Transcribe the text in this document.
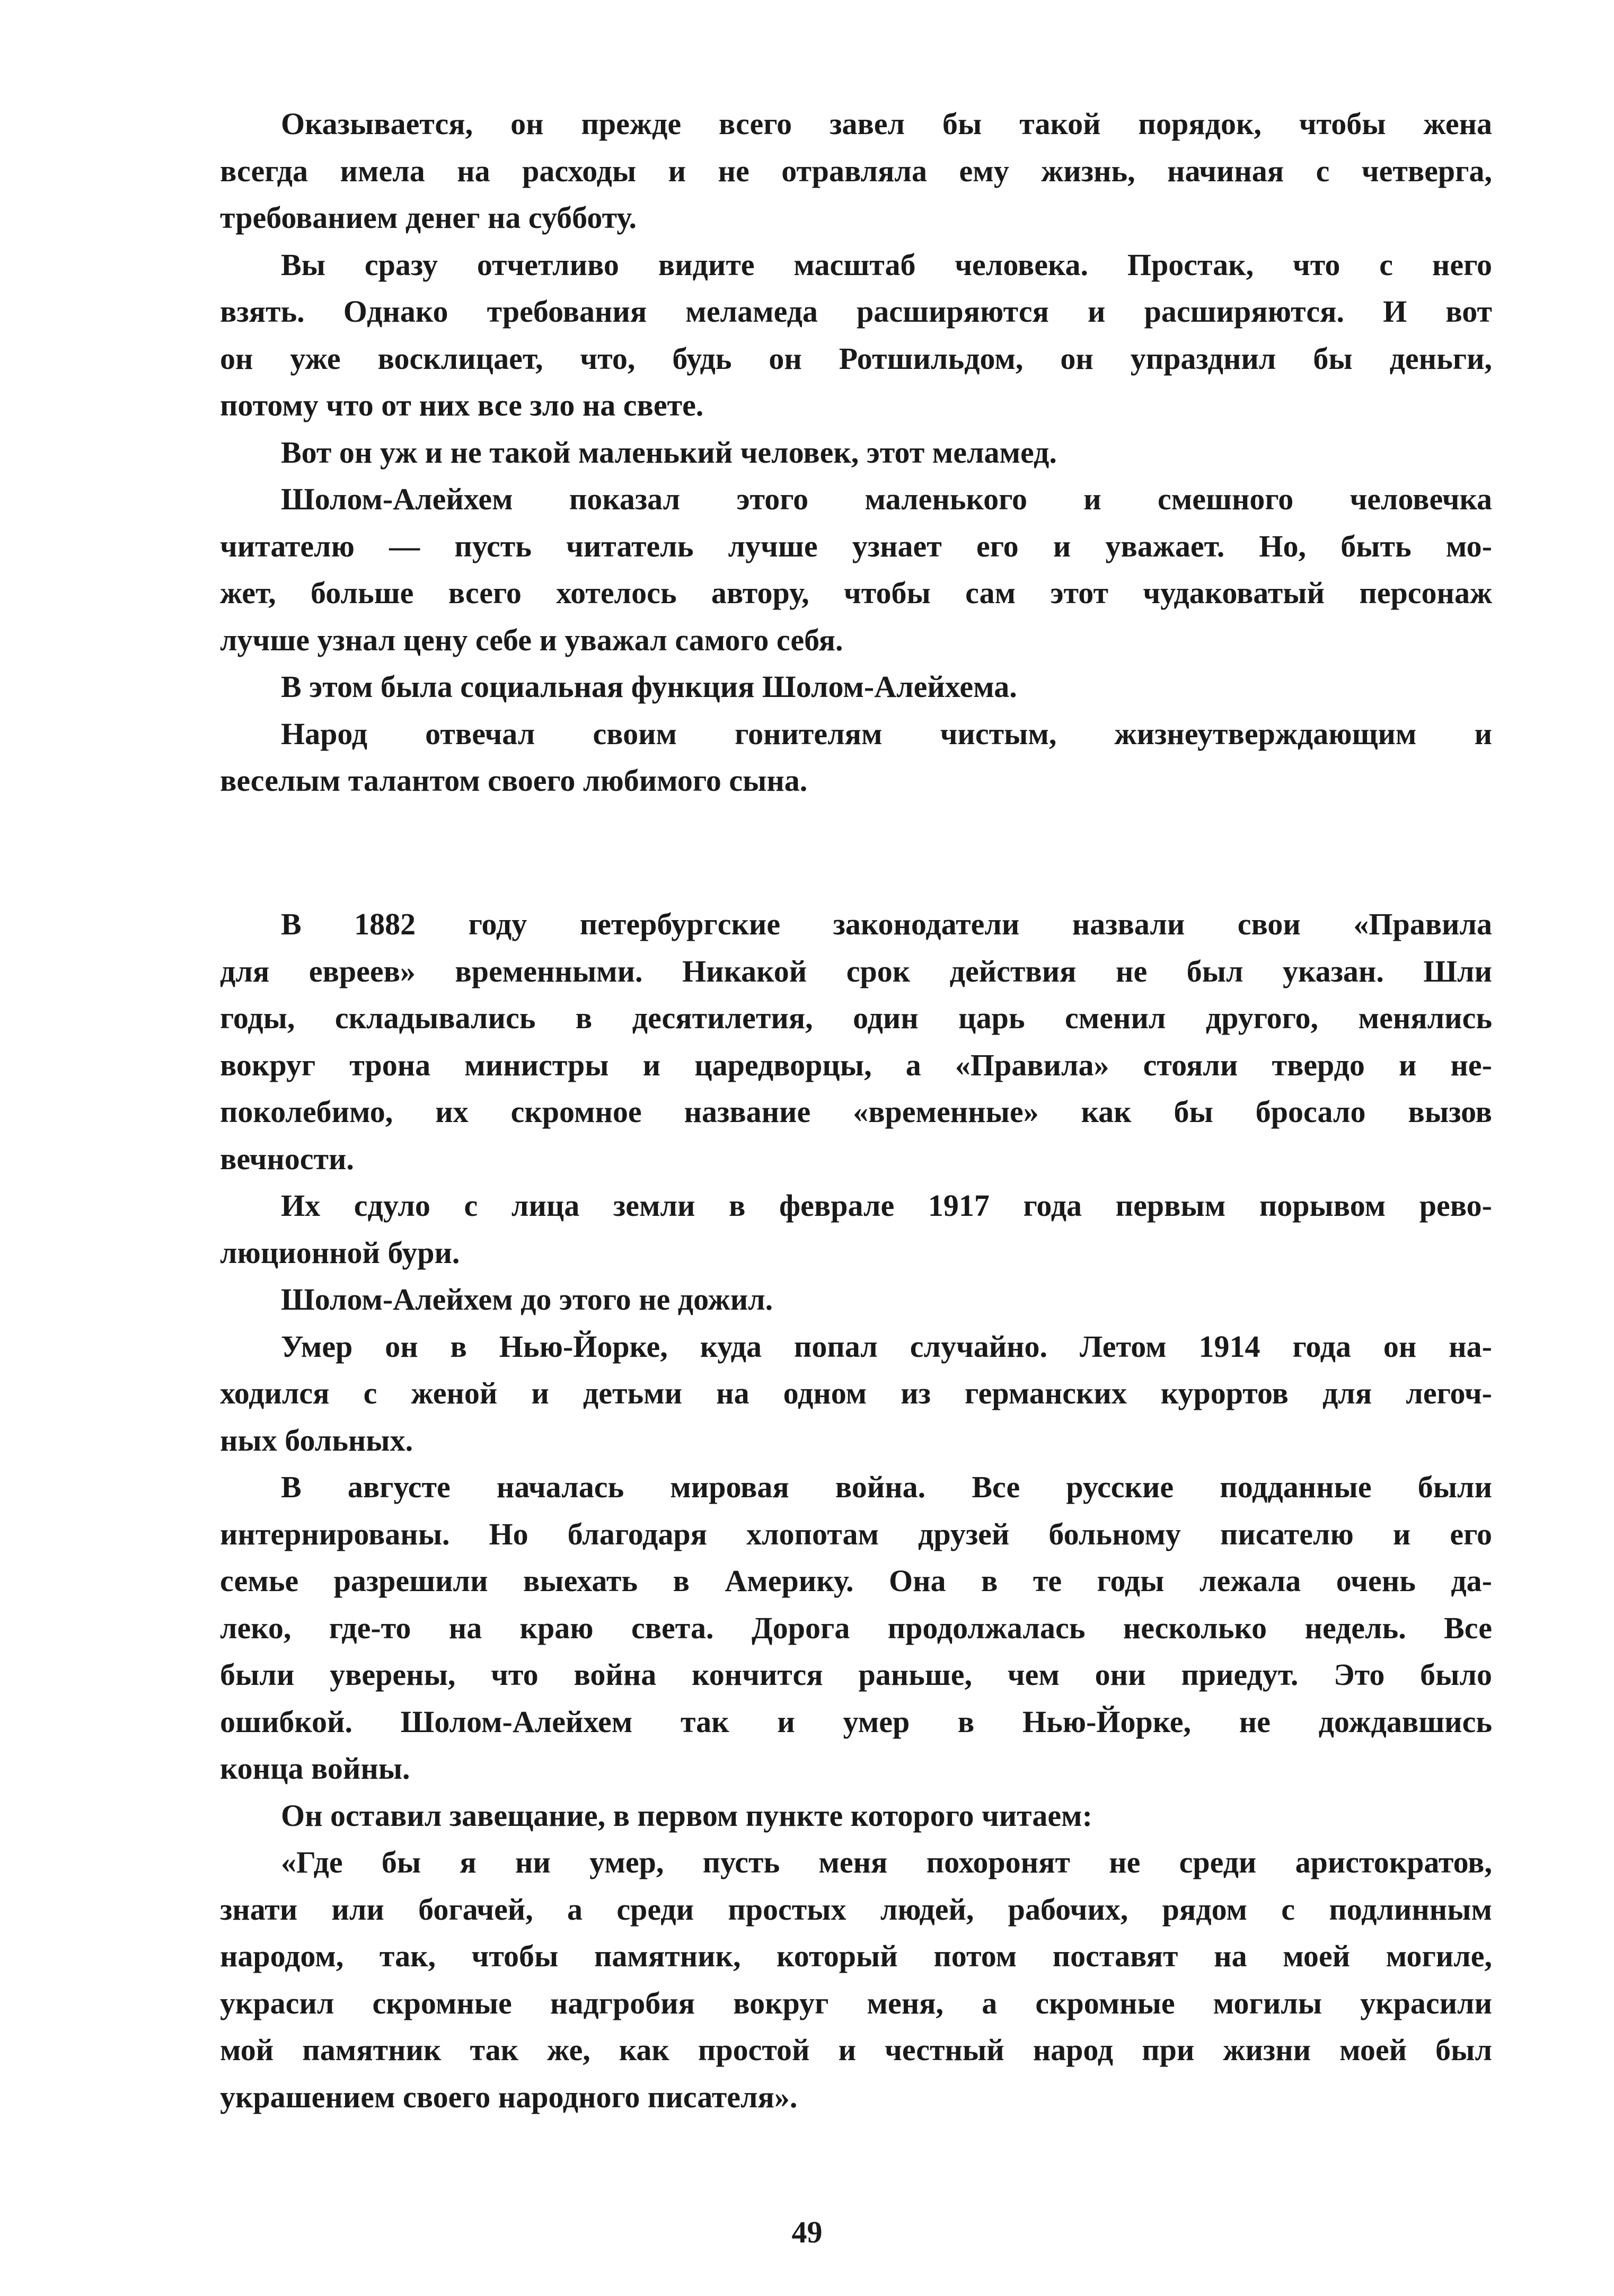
Оказывается, он прежде всего завел бы такой порядок, чтобы жена
всегда имела на расходы и не отравляла ему жизнь, начиная с четверга,
требованием денег на субботу.
Вы сразу отчетливо видите масштаб человека. Простак, что с него
взять. Однако требования меламеда расширяются и расширяются. И вот
он уже восклицает, что, будь он Ротшильдом, он упразднил бы деньги,
потому что от них все зло на свете.
Вот он уж и не такой маленький человек, этот меламед.
Шолом-Алейхем показал этого маленького и смешного человечка
читателю — пусть читатель лучше узнает его и уважает. Но, быть мо-
жет, больше всего хотелось автору, чтобы сам этот чудаковатый персонаж
лучше узнал цену себе и уважал самого себя.
В этом была социальная функция Шолом-Алейхема.
Народ отвечал своим гонителям чистым, жизнеутверждающим и
веселым талантом своего любимого сына.
В 1882 году петербургские законодатели назвали свои «Правила
для евреев» временными. Никакой срок действия не был указан. Шли
годы, складывались в десятилетия, один царь сменил другого, менялись
вокруг трона министры и царедворцы, а «Правила» стояли твердо и не-
поколебимо, их скромное название «временные» как бы бросало вызов
вечности.
Их сдуло с лица земли в феврале 1917 года первым порывом рево-
люционной бури.
Шолом-Алейхем до этого не дожил.
Умер он в Нью-Йорке, куда попал случайно. Летом 1914 года он на-
ходился с женой и детьми на одном из германских курортов для легоч-
ных больных.
В августе началась мировая война. Все русские подданные были
интернированы. Но благодаря хлопотам друзей больному писателю и его
семье разрешили выехать в Америку. Она в те годы лежала очень да-
леко, где-то на краю света. Дорога продолжалась несколько недель. Все
были уверены, что война кончится раньше, чем они приедут. Это было
ошибкой. Шолом-Алейхем так и умер в Нью-Йорке, не дождавшись
конца войны.
Он оставил завещание, в первом пункте которого читаем:
«Где бы я ни умер, пусть меня похоронят не среди аристократов,
знати или богачей, а среди простых людей, рабочих, рядом с подлинным
народом, так, чтобы памятник, который потом поставят на моей могиле,
украсил скромные надгробия вокруг меня, а скромные могилы украсили
мой памятник так же, как простой и честный народ при жизни моей был
украшением своего народного писателя».
49
